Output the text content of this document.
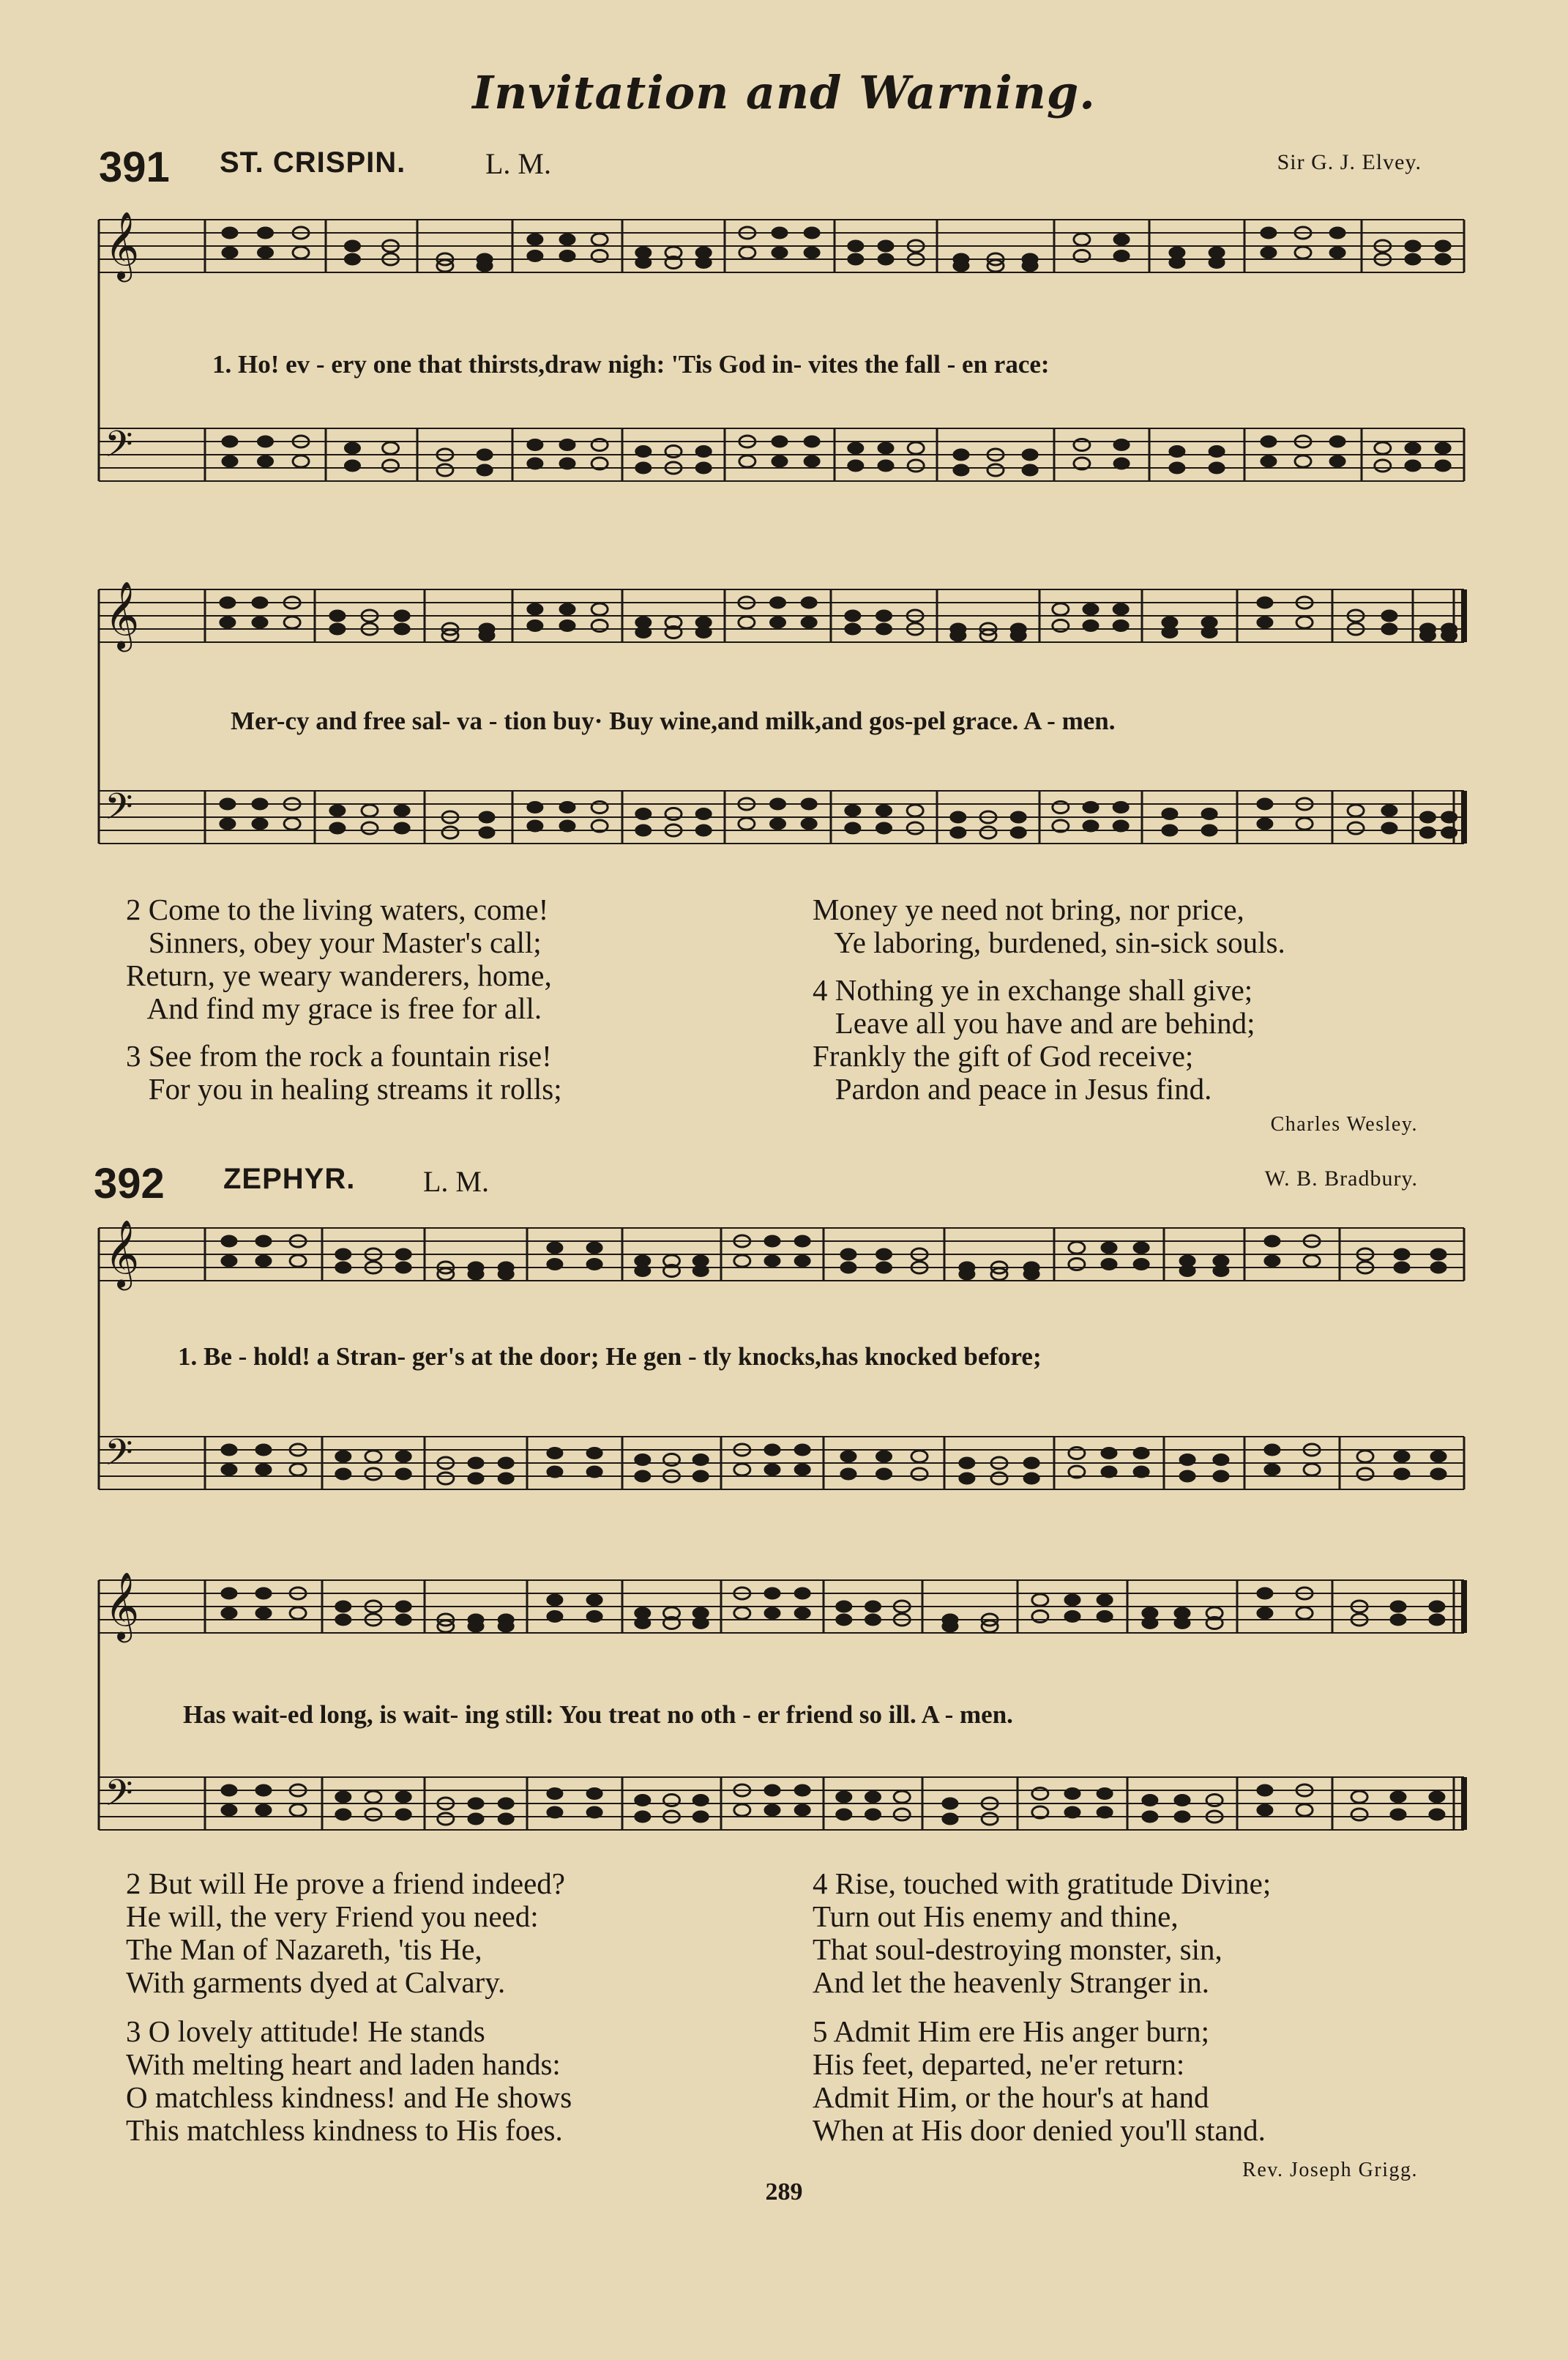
Invitation and Warning.
391 ST. CRISPIN.	L. M.	Sir G. J. Elvey.
𝄞
𝄢
𝄞
𝄢
𝄞
𝄢
𝄞
𝄢
1. Ho! ev - ery one that thirsts,draw nigh: 'Tis God in- vites the fall - en race:
Mer-cy and free sal- va - tion buy· Buy wine,and milk,and gos-pel grace. A - men.
2 Come to the living waters, come!
Sinners, obey your Master's call;
Return, ye weary wanderers, home,
And find my grace is free for all.
3 See from the rock a fountain rise!
For you in healing streams it rolls;
Money ye need not bring, nor price,
Ye laboring, burdened, sin-sick souls.
4 Nothing ye in exchange shall give;
Leave all you have and are behind;
Frankly the gift of God receive;
Pardon and peace in Jesus find.
Charles Wesley.
392 ZEPHYR. L. M.	W. B. Bradbury.
1. Be - hold! a Stran- ger's at the door; He gen - tly knocks,has knocked before;
Has wait-ed long, is wait- ing still: You treat no oth - er friend so ill. A - men.
2 But will He prove a friend indeed?
He will, the very Friend you need:
The Man of Nazareth, 'tis He,
With garments dyed at Calvary.
3 O lovely attitude! He stands
With melting heart and laden hands:
O matchless kindness! and He shows
This matchless kindness to His foes.
4 Rise, touched with gratitude Divine;
Turn out His enemy and thine,
That soul-destroying monster, sin,
And let the heavenly Stranger in.
5 Admit Him ere His anger burn;
His feet, departed, ne'er return:
Admit Him, or the hour's at hand
When at His door denied you'll stand.
Rev. Joseph Grigg.
289
